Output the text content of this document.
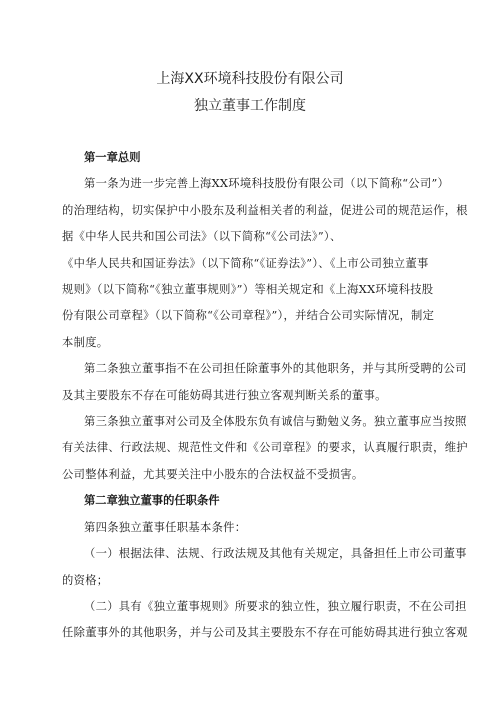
上海XX环境科技股份有限公司
独立董事工作制度

第一章总则

第一条为进一步完善上海XX环境科技股份有限公司（以下简称“公司”）
的治理结构，切实保护中小股东及利益相关者的利益，促进公司的规范运作，根
据《中华人民共和国公司法》（以下简称“《公司法》”）、
《中华人民共和国证券法》（以下简称“《证券法》”）、《上市公司独立董事
规则》（以下简称“《独立董事规则》”）等相关规定和《上海XX环境科技股
份有限公司章程》（以下简称“《公司章程》”），并结合公司实际情况，制定
本制度。
第二条独立董事指不在公司担任除董事外的其他职务，并与其所受聘的公司
及其主要股东不存在可能妨碍其进行独立客观判断关系的董事。
第三条独立董事对公司及全体股东负有诚信与勤勉义务。独立董事应当按照
有关法律、行政法规、规范性文件和《公司章程》的要求，认真履行职责，维护
公司整体利益，尤其要关注中小股东的合法权益不受损害。

第二章独立董事的任职条件

第四条独立董事任职基本条件：
（一）根据法律、法规、行政法规及其他有关规定，具备担任上市公司董事
的资格；
（二）具有《独立董事规则》所要求的独立性，独立履行职责，不在公司担
任除董事外的其他职务，并与公司及其主要股东不存在可能妨碍其进行独立客观
